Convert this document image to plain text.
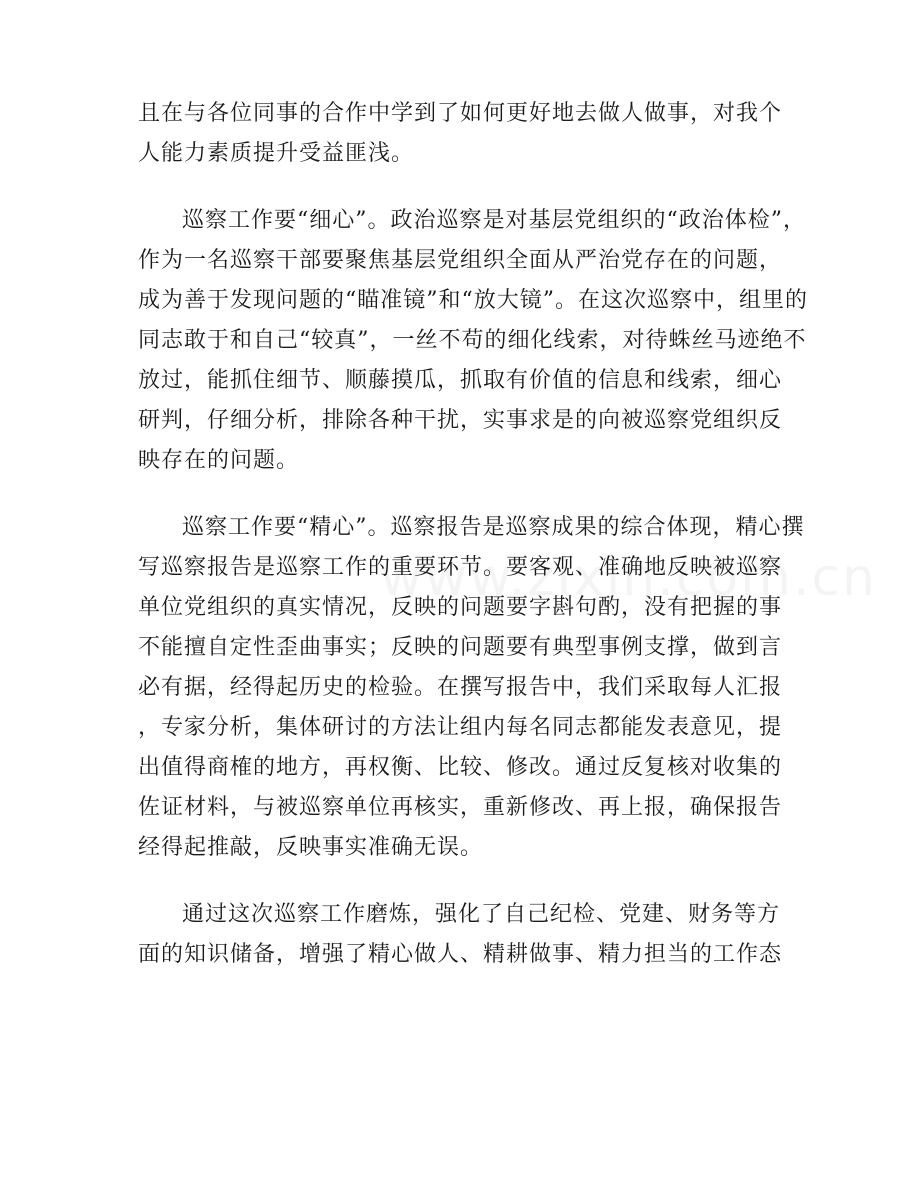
且在与各位同事的合作中学到了如何更好地去做人做事，对我个
人能力素质提升受益匪浅。
巡察工作要“细心”。政治巡察是对基层党组织的“政治体检”，
作为一名巡察干部要聚焦基层党组织全面从严治党存在的问题，
成为善于发现问题的“瞄准镜”和“放大镜”。在这次巡察中，组里的
同志敢于和自己“较真”，一丝不苟的细化线索，对待蛛丝马迹绝不
放过，能抓住细节、顺藤摸瓜，抓取有价值的信息和线索，细心
研判，仔细分析，排除各种干扰，实事求是的向被巡察党组织反
映存在的问题。
巡察工作要“精心”。巡察报告是巡察成果的综合体现，精心撰
写巡察报告是巡察工作的重要环节。要客观、准确地反映被巡察
单位党组织的真实情况，反映的问题要字斟句酌，没有把握的事
不能擅自定性歪曲事实；反映的问题要有典型事例支撑，做到言
必有据，经得起历史的检验。在撰写报告中，我们采取每人汇报
，专家分析，集体研讨的方法让组内每名同志都能发表意见，提
出值得商榷的地方，再权衡、比较、修改。通过反复核对收集的
佐证材料，与被巡察单位再核实，重新修改、再上报，确保报告
经得起推敲，反映事实准确无误。
通过这次巡察工作磨炼，强化了自己纪检、党建、财务等方
面的知识储备，增强了精心做人、精耕做事、精力担当的工作态
